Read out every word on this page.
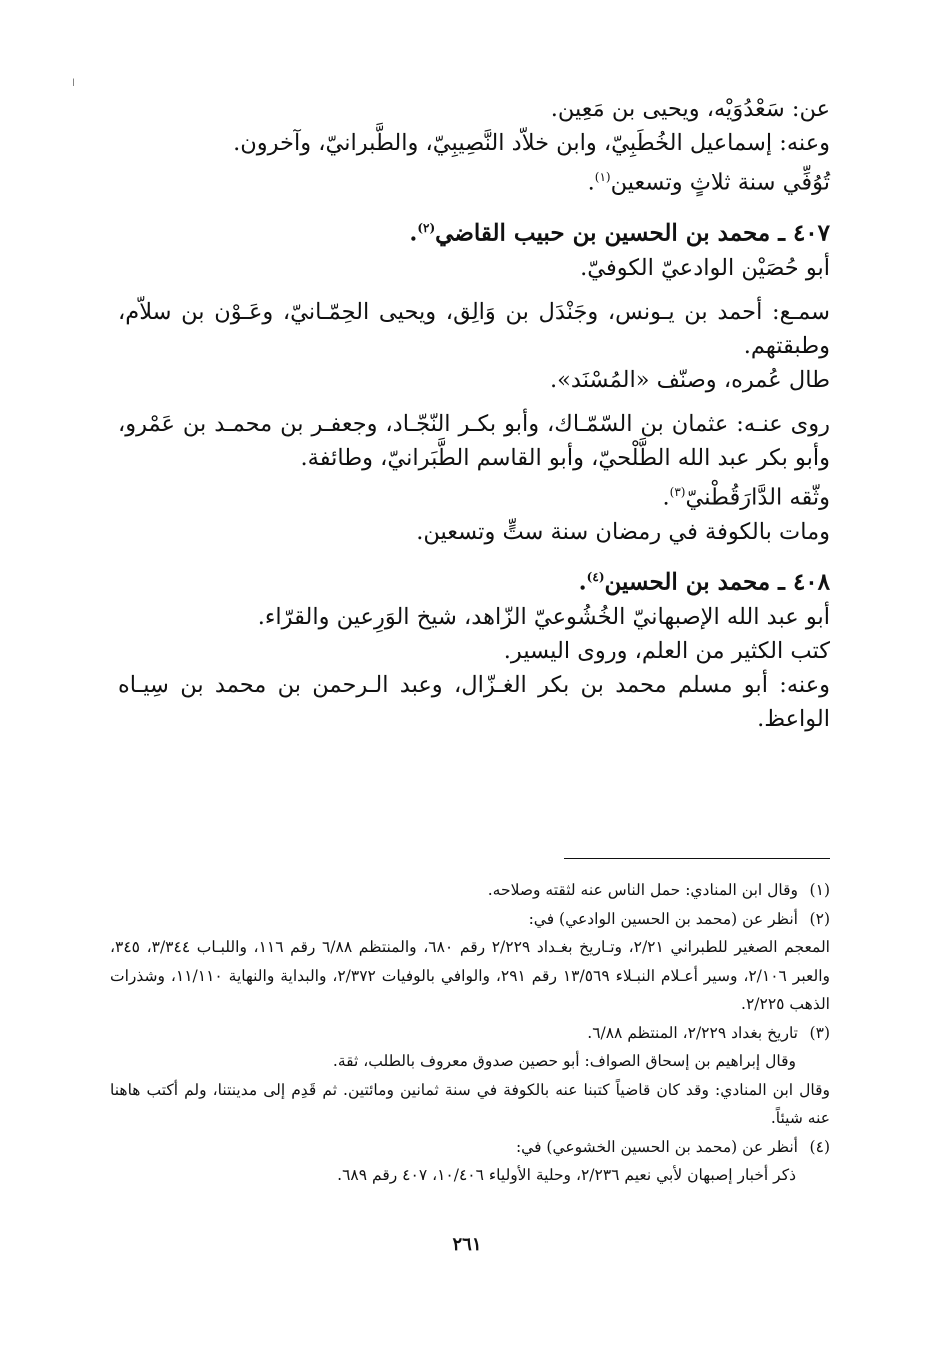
ǀ
عن: سَعْدُوَيْه، ويحيى بن مَعِين.
وعنه: إسماعيل الخُطَبِيّ، وابن خلاّد النَّصِيبِيّ، والطَّبرانيّ، وآخرون.
تُوُفِّي سنة ثلاثٍ وتسعين$^{(١)}$.
٤٠٧ ـ محمد بن الحسين بن حبيب القاضي$^{(٢)}$.
أبو حُصَيْن الوادعيّ الكوفيّ.
سمـع: أحمد بن يـونس، وجَنْدَل بن وَالِق، ويحيى الحِمّـانيّ، وعَـوْن بن سلاّم، وطبقتهم.
طال عُمره، وصنّف «المُسْنَد».
روى عنـه: عثمان بن السّمّـاك، وأبو بكـر النّجّـاد، وجعفـر بن محمـد بن عَمْرو، وأبو بكر عبد الله الطَّلْحيّ، وأبو القاسم الطَّبَرانيّ، وطائفة.
وثّقه الدَّارَقُطْنيّ$^{(٣)}$.
ومات بالكوفة في رمضان سنة ستٍّ وتسعين.
٤٠٨ ـ محمد بن الحسين$^{(٤)}$.
أبو عبد الله الإصبهانيّ الخُشُوعيّ الزّاهد، شيخ الوَرِعين والقرّاء.
كتب الكثير من العلم، وروى اليسير.
وعنه: أبو مسلم محمد بن بكر الغـزّال، وعبد الـرحمن بن محمد بن سِيـاه الواعظ.
(١)وقال ابن المنادي: حمل الناس عنه لثقته وصلاحه.
(٢)أنظر عن (محمد بن الحسين الوادعي) في:
المعجم الصغير للطبراني ٢/٢١، وتـاريخ بغـداد ٢/٢٢٩ رقم ٦٨٠، والمنتظم ٦/٨٨ رقم ١١٦، واللبـاب ٣/٣٤٤، ٣٤٥، والعبر ٢/١٠٦، وسير أعـلام النبـلاء ١٣/٥٦٩ رقم ٢٩١، والوافي بالوفيات ٢/٣٧٢، والبداية والنهاية ١١/١١٠، وشذرات الذهب ٢/٢٢٥.
(٣)تاريخ بغداد ٢/٢٢٩، المنتظم ٦/٨٨.
وقال إبراهيم بن إسحاق الصواف: أبو حصين صدوق معروف بالطلب، ثقة.
وقال ابن المنادي: وقد كان قاضياً كتبنا عنه بالكوفة في سنة ثمانين ومائتين. ثم قَدِم إلى مدينتنا، ولم أكتب هاهنا عنه شيئاً.
(٤)أنظر عن (محمد بن الحسين الخشوعي) في:
ذكر أخبار إصبهان لأبي نعيم ٢/٢٣٦، وحلية الأولياء ١٠/٤٠٦، ٤٠٧ رقم ٦٨٩.
٢٦١
